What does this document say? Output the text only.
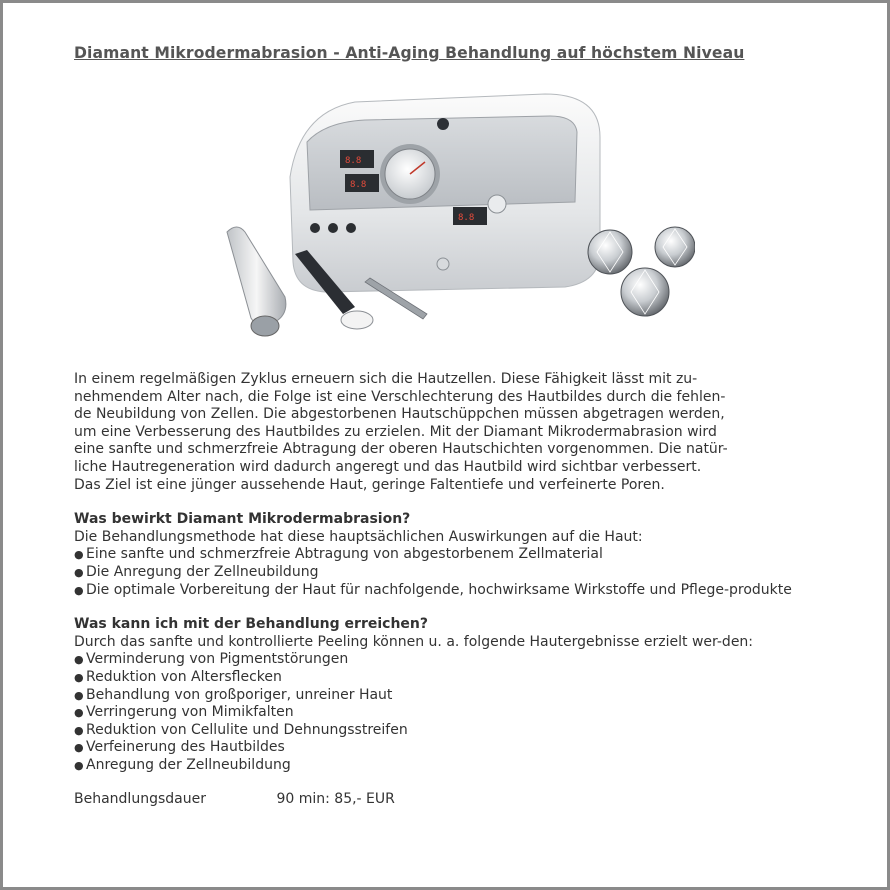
Diamant Mikrodermabrasion - Anti-Aging Behandlung auf höchstem Niveau
8.8
8.8
8.8

In einem regelmäßigen Zyklus erneuern sich die Hautzellen. Diese Fähigkeit lässt mit zu-
nehmendem Alter nach, die Folge ist eine Verschlechterung des Hautbildes durch die fehlen-
de Neubildung von Zellen. Die abgestorbenen Hautschüppchen müssen abgetragen werden,
um eine Verbesserung des Hautbildes zu erzielen. Mit der Diamant Mikrodermabrasion wird
eine sanfte und schmerzfreie Abtragung der oberen Hautschichten vorgenommen. Die natür-
liche Hautregeneration wird dadurch angeregt und das Hautbild wird sichtbar verbessert.
Das Ziel ist eine jünger aussehende Haut, geringe Faltentiefe und verfeinerte Poren.

Was bewirkt Diamant Mikrodermabrasion?
Die Behandlungsmethode hat diese hauptsächlichen Auswirkungen auf die Haut:
● Eine sanfte und schmerzfreie Abtragung von abgestorbenem Zellmaterial
● Die Anregung der Zellneubildung
● Die optimale Vorbereitung der Haut für nachfolgende, hochwirksame Wirkstoffe und Pflege-produkte
Was kann ich mit der Behandlung erreichen?
Durch das sanfte und kontrollierte Peeling können u. a. folgende Hautergebnisse erzielt wer-den:
● Verminderung von Pigmentstörungen
● Reduktion von Altersflecken
● Behandlung von großporiger, unreiner Haut
● Verringerung von Mimikfalten
● Reduktion von Cellulite und Dehnungsstreifen
● Verfeinerung des Hautbildes
● Anregung der Zellneubildung
Behandlungsdauer	90 min: 85,- EUR
